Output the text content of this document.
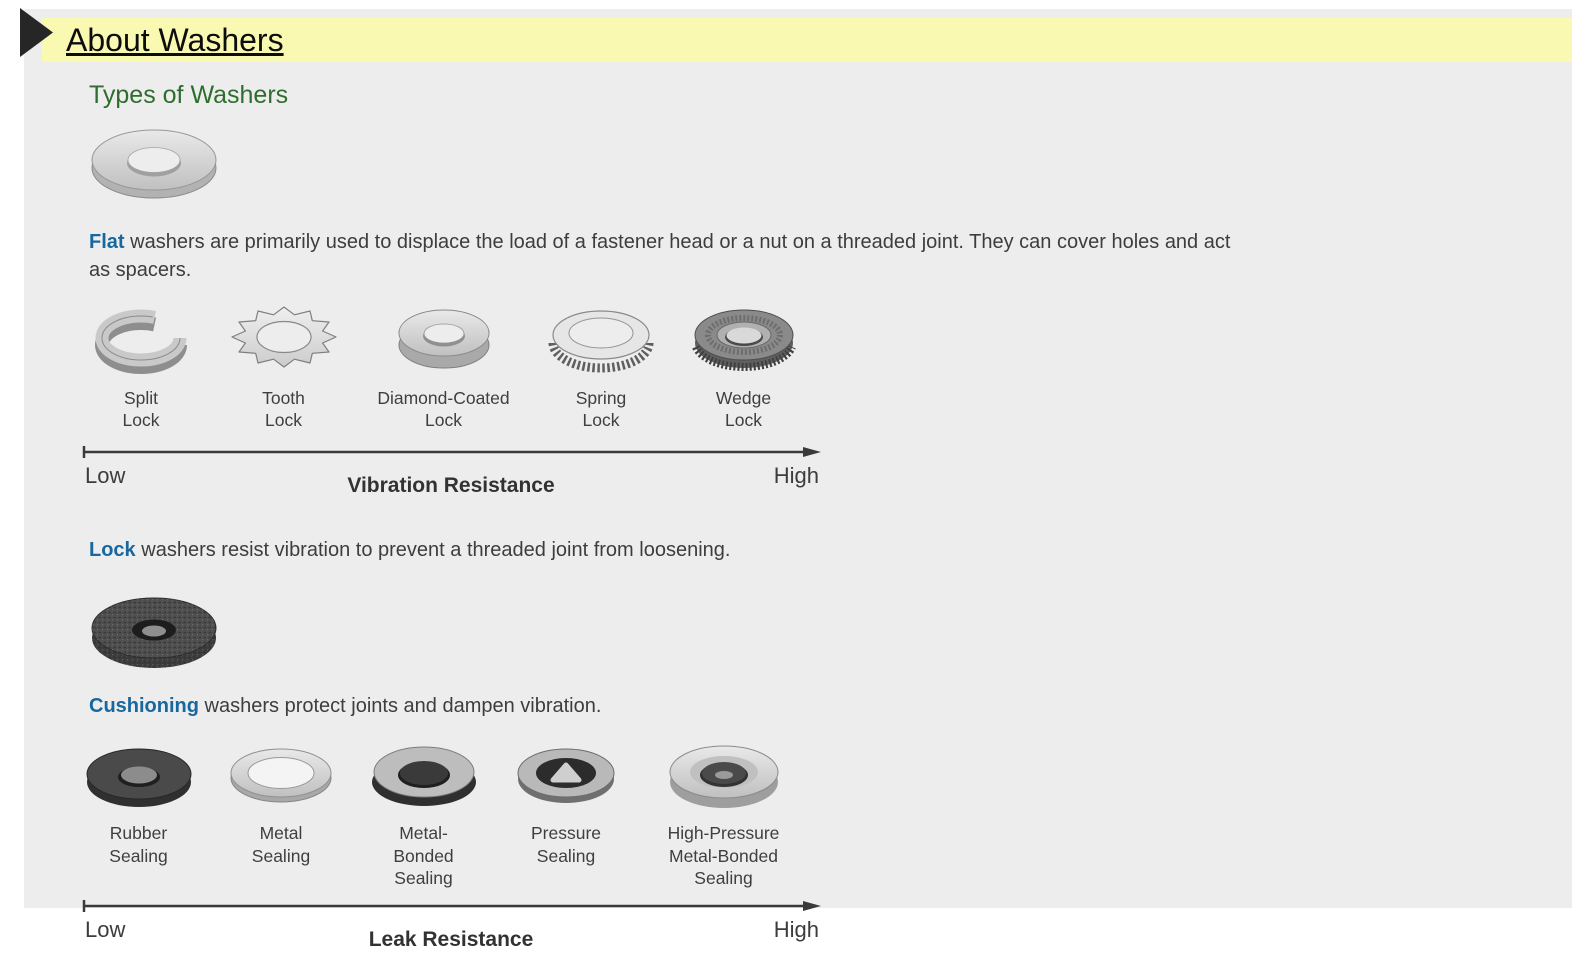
Types of Washers

Flat washers are primarily used to displace the load of a fastener head or a nut on a threaded joint. They can cover holes and act
as spacers.

Split
Lock
Tooth
Lock
Diamond-Coated
Lock
Spring
Lock
Wedge
Lock
Low	High
Vibration Resistance

Lock washers resist vibration to prevent a threaded joint from loosening.

Cushioning washers protect joints and dampen vibration.

Rubber
Sealing
Metal
Sealing
Metal-
Bonded
Sealing
Pressure
Sealing
High-Pressure
Metal-Bonded
Sealing
Low	High
Leak Resistance
About Washers
